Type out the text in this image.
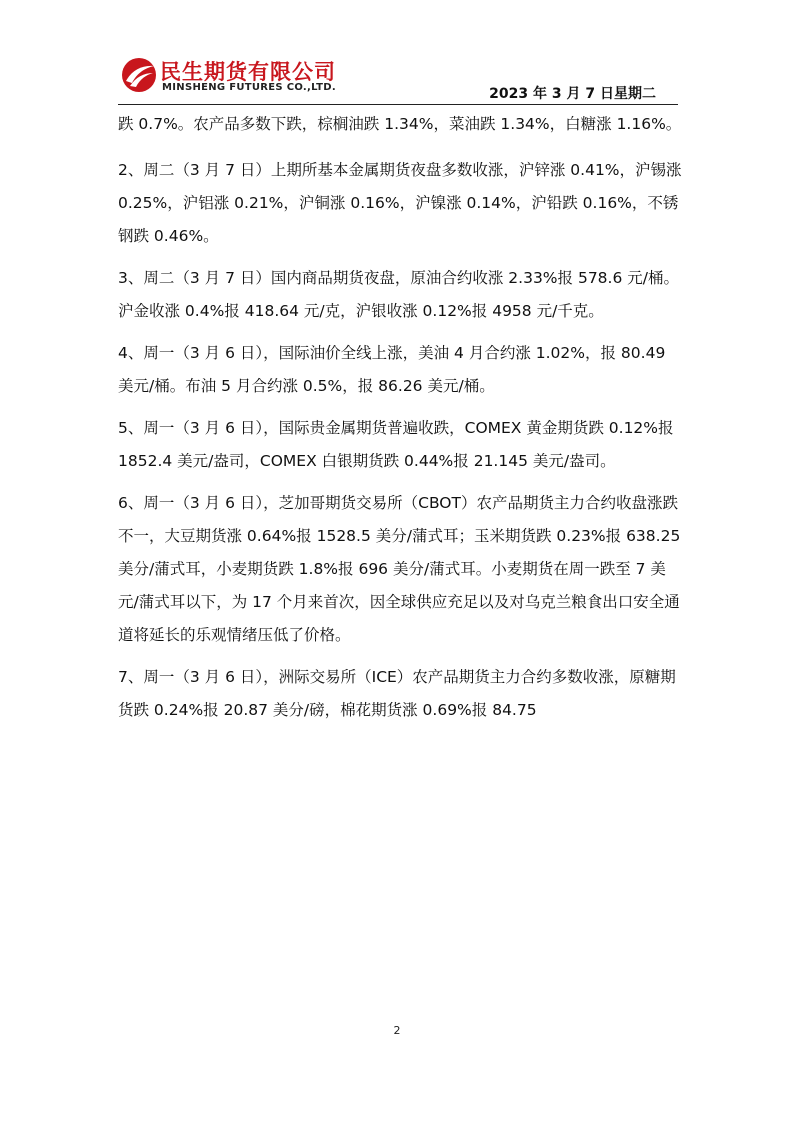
民生期货有限公司
MINSHENG FUTURES CO.,LTD.	2023 年 3 月 7 日星期二

跌 0.7%。农产品多数下跌，棕榈油跌 1.34%，菜油跌 1.34%，白糖涨 1.16%。

2、周二（3 月 7 日）上期所基本金属期货夜盘多数收涨，沪锌涨 0.41%，沪锡涨 0.25%，沪铝涨 0.21%，沪铜涨 0.16%，沪镍涨 0.14%，沪铅跌 0.16%，不锈钢跌 0.46%。

3、周二（3 月 7 日）国内商品期货夜盘，原油合约收涨 2.33%报 578.6 元/桶。沪金收涨 0.4%报 418.64 元/克，沪银收涨 0.12%报 4958 元/千克。

4、周一（3 月 6 日），国际油价全线上涨，美油 4 月合约涨 1.02%，报 80.49 美元/桶。布油 5 月合约涨 0.5%，报 86.26 美元/桶。

5、周一（3 月 6 日），国际贵金属期货普遍收跌，COMEX 黄金期货跌 0.12%报 1852.4 美元/盎司，COMEX 白银期货跌 0.44%报 21.145 美元/盎司。

6、周一（3 月 6 日），芝加哥期货交易所（CBOT）农产品期货主力合约收盘涨跌不一，大豆期货涨 0.64%报 1528.5 美分/蒲式耳；玉米期货跌 0.23%报 638.25 美分/蒲式耳，小麦期货跌 1.8%报 696 美分/蒲式耳。小麦期货在周一跌至 7 美元/蒲式耳以下，为 17 个月来首次，因全球供应充足以及对乌克兰粮食出口安全通道将延长的乐观情绪压低了价格。

7、周一（3 月 6 日），洲际交易所（ICE）农产品期货主力合约多数收涨，原糖期货跌 0.24%报 20.87 美分/磅，棉花期货涨 0.69%报 84.75

2
